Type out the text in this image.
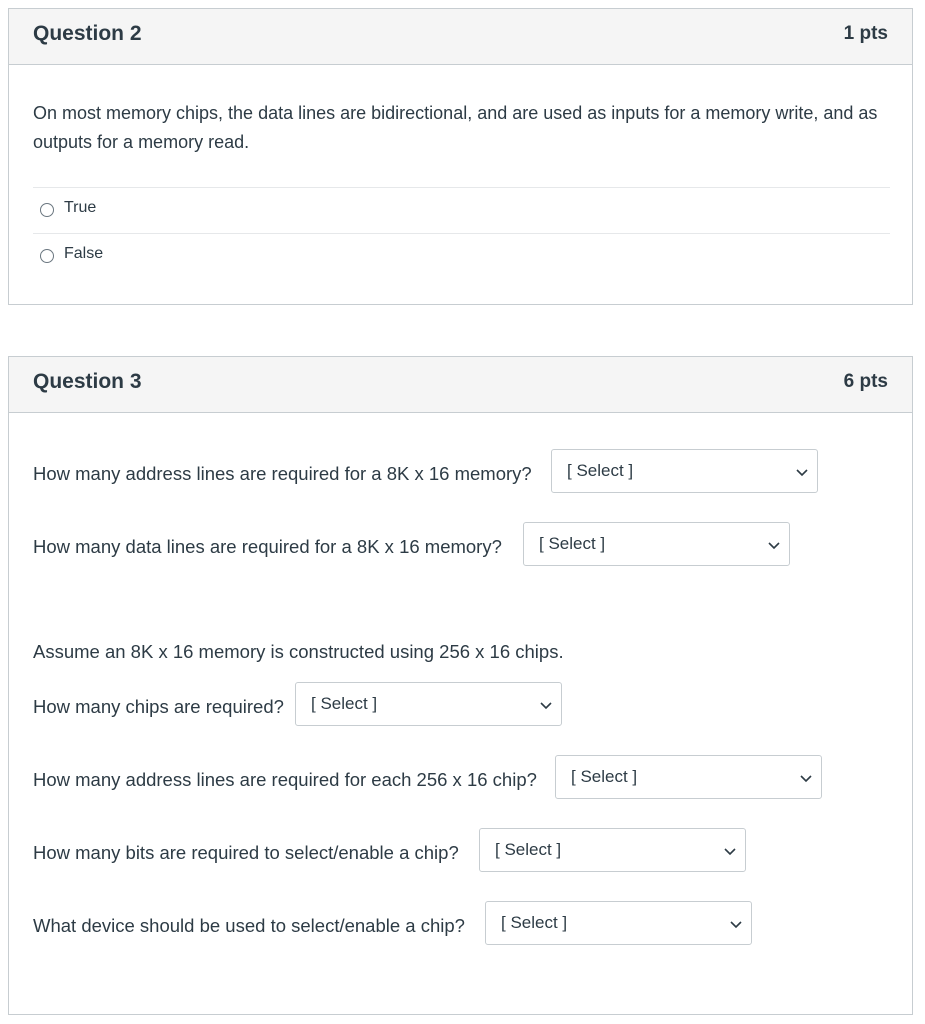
Question 2	1 pts
On most memory chips, the data lines are bidirectional, and are used as inputs for a memory write, and as outputs for a memory read.
True
False
Question 3	6 pts
How many address lines are required for a 8K x 16 memory? [ Select ]
How many data lines are required for a 8K x 16 memory? [ Select ]
Assume an 8K x 16 memory is constructed using 256 x 16 chips.
How many chips are required? [ Select ]
How many address lines are required for each 256 x 16 chip? [ Select ]
How many bits are required to select/enable a chip? [ Select ]
What device should be used to select/enable a chip? [ Select ]
